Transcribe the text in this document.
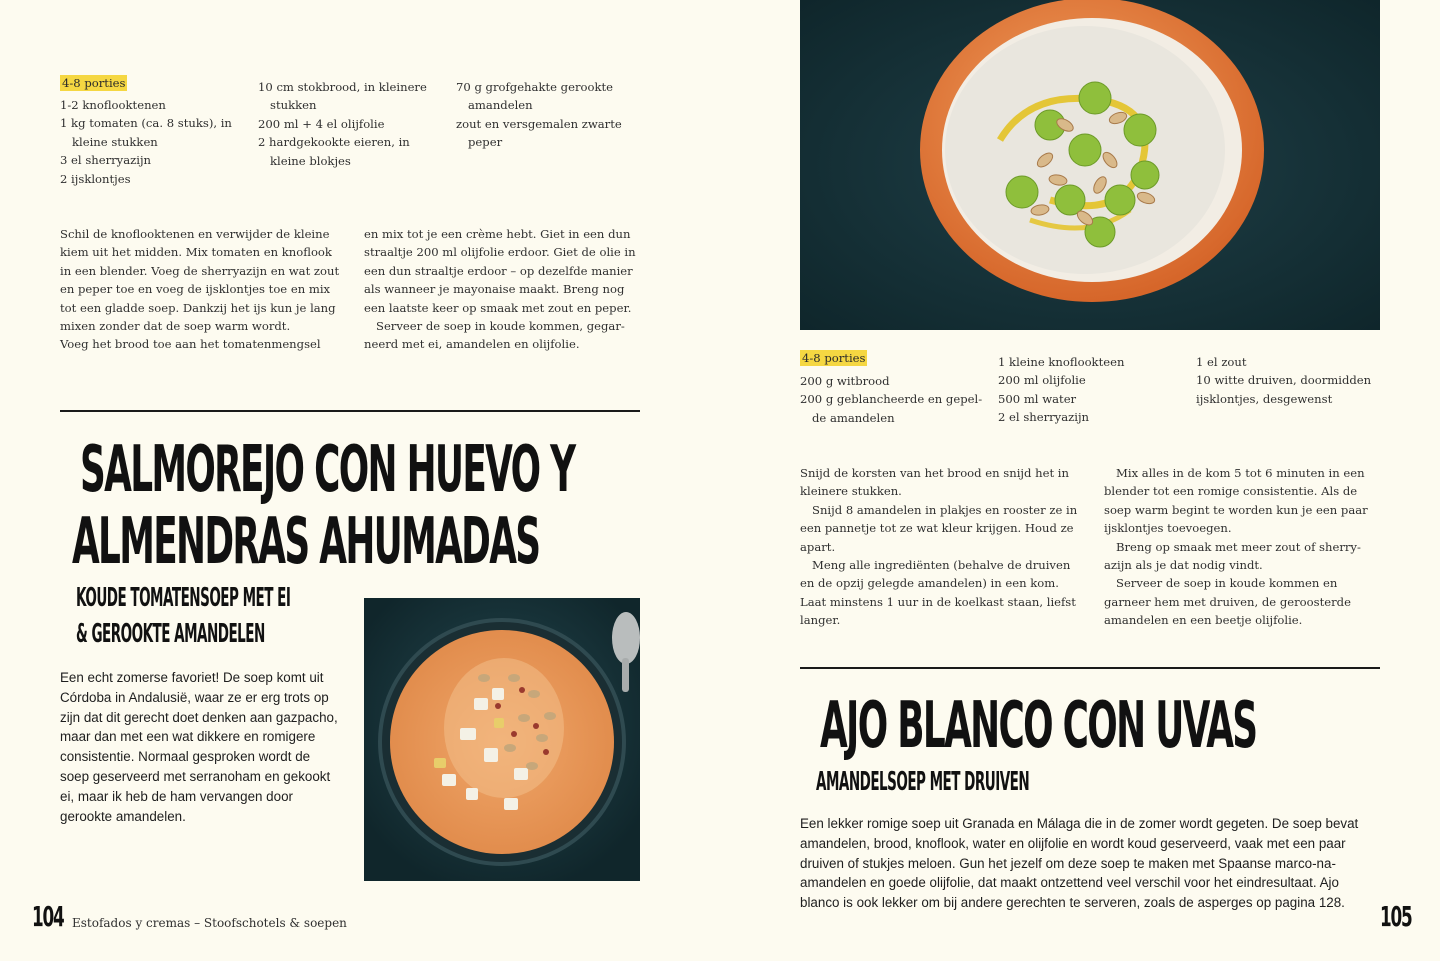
4-8 porties

1-2 knoflooktenen

1 kg tomaten (ca. 8 stuks), in kleine stukken

3 el sherryazijn

2 ijsklontjes

10 cm stokbrood, in kleinere stukken

200 ml + 4 el olijfolie

2 hardgekookte eieren, in kleine blokjes

70 g grofgehakte gerookte amandelen

zout en versgemalen zwarte peper

Schil de knoflooktenen en verwijder de kleine kiem uit het midden. Mix tomaten en knoflook in een blender. Voeg de sherryazijn en wat zout en peper toe en voeg de ijsklontjes toe en mix tot een gladde soep. Dankzij het ijs kun je lang mixen zonder dat de soep warm wordt.

Voeg het brood toe aan het tomatenmengsel

en mix tot je een crème hebt. Giet in een dun straaltje 200 ml olijfolie erdoor. Giet de olie in een dun straaltje erdoor – op dezelfde manier als wanneer je mayonaise maakt. Breng nog een laatste keer op smaak met zout en peper.

Serveer de soep in koude kommen, gegar-neerd met ei, amandelen en olijfolie.

SALMOREJO CON HUEVO Y
ALMENDRAS AHUMADAS
KOUDE TOMATENSOEP MET EI
& GEROOKTE AMANDELEN
Een echt zomerse favoriet! De soep komt uit Córdoba in Andalusië, waar ze er erg trots op zijn dat dit gerecht doet denken aan gazpacho, maar dan met een wat dikkere en romigere consistentie. Normaal gesproken wordt de soep geserveerd met serranoham en gekookt ei, maar ik heb de ham vervangen door gerookte amandelen.
104 Estofados y cremas – Stoofschotels & soepen
4-8 porties

200 g witbrood

200 g geblancheerde en gepel-de amandelen

1 kleine knoflookteen

200 ml olijfolie

500 ml water

2 el sherryazijn

1 el zout

10 witte druiven, doormidden

ijsklontjes, desgewenst

Snijd de korsten van het brood en snijd het in kleinere stukken.

Snijd 8 amandelen in plakjes en rooster ze in een pannetje tot ze wat kleur krijgen. Houd ze apart.

Meng alle ingrediënten (behalve de druiven en de opzij gelegde amandelen) in een kom. Laat minstens 1 uur in de koelkast staan, liefst langer.

Mix alles in de kom 5 tot 6 minuten in een blender tot een romige consistentie. Als de soep warm begint te worden kun je een paar ijsklontjes toevoegen.

Breng op smaak met meer zout of sherry-azijn als je dat nodig vindt.

Serveer de soep in koude kommen en garneer hem met druiven, de geroosterde amandelen en een beetje olijfolie.

AJO BLANCO CON UVAS
AMANDELSOEP MET DRUIVEN
Een lekker romige soep uit Granada en Málaga die in de zomer wordt gegeten. De soep bevat amandelen, brood, knoflook, water en olijfolie en wordt koud geserveerd, vaak met een paar druiven of stukjes meloen. Gun het jezelf om deze soep te maken met Spaanse marco-na-amandelen en goede olijfolie, dat maakt ontzettend veel verschil voor het eindresultaat. Ajo blanco is ook lekker om bij andere gerechten te serveren, zoals de asperges op pagina 128.	105
